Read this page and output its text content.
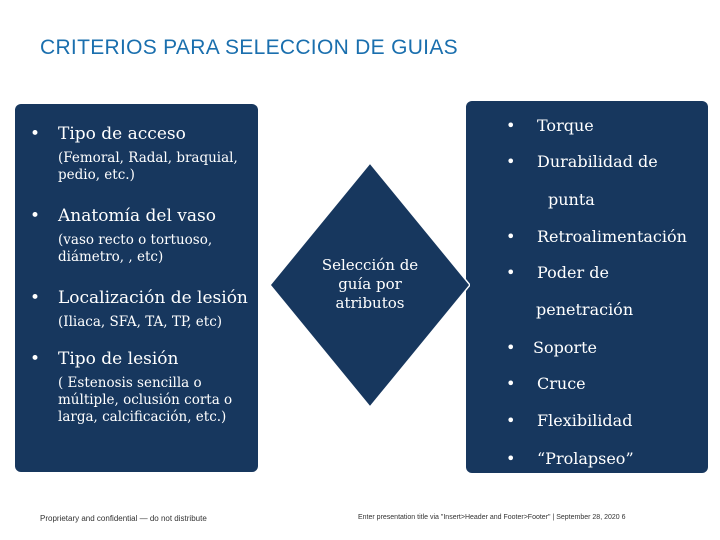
CRITERIOS PARA SELECCION DE GUIAS
• Tipo de acceso
(Femoral, Radal, braquial, pedio, etc.)
• Anatomía del vaso
(vaso recto o tortuoso, diámetro, , etc)
• Localización de lesión
(Iliaca, SFA, TA, TP, etc)
• Tipo de lesión
( Estenosis sencilla o múltiple, oclusión corta o larga, calcificación, etc.)
Selección de guía por atributos
• Torque
• Durabilidad de
punta
• Retroalimentación
• Poder de
penetración
• Soporte
• Cruce
• Flexibilidad
• “Prolapseo”
Proprietary and confidential — do not distribute	Enter presentation title via "Insert>Header and Footer>Footer" | September 28, 2020 6
